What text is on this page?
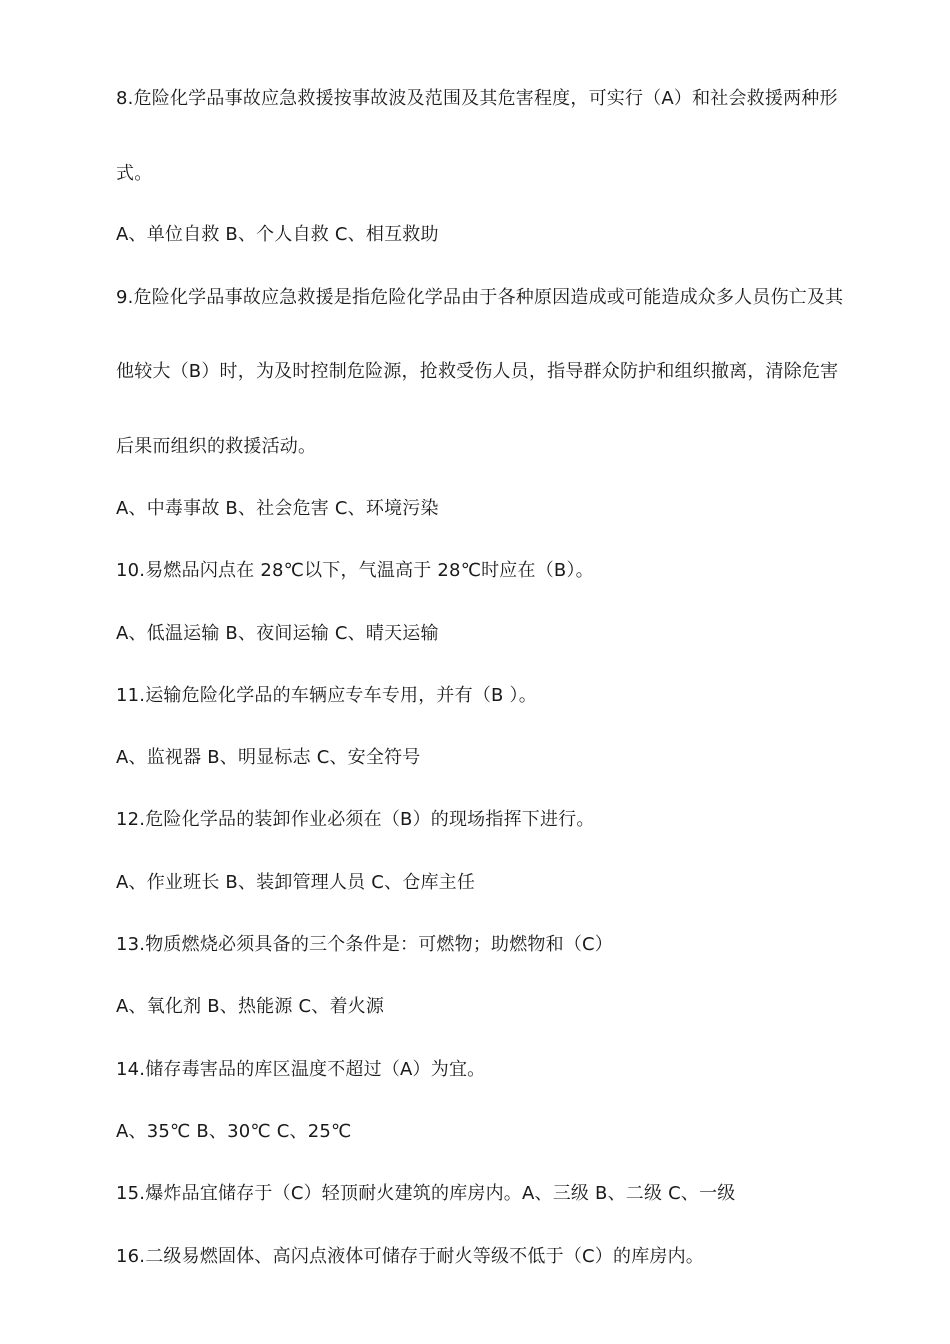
8.危险化学品事故应急救援按事故波及范围及其危害程度，可实行（A）和社会救援两种形
式。
A、单位自救 B、个人自救 C、相互救助
9.危险化学品事故应急救援是指危险化学品由于各种原因造成或可能造成众多人员伤亡及其
他较大（B）时，为及时控制危险源，抢救受伤人员，指导群众防护和组织撤离，清除危害
后果而组织的救援活动。
A、中毒事故 B、社会危害 C、环境污染
10.易燃品闪点在 28℃以下，气温高于 28℃时应在（B）。
A、低温运输 B、夜间运输 C、晴天运输
11.运输危险化学品的车辆应专车专用，并有（B ）。
A、监视器 B、明显标志 C、安全符号
12.危险化学品的装卸作业必须在（B）的现场指挥下进行。
A、作业班长 B、装卸管理人员 C、仓库主任
13.物质燃烧必须具备的三个条件是：可燃物；助燃物和（C）
A、氧化剂 B、热能源 C、着火源
14.储存毒害品的库区温度不超过（A）为宜。
A、35℃ B、30℃ C、25℃
15.爆炸品宜储存于（C）轻顶耐火建筑的库房内。A、三级 B、二级 C、一级
16.二级易燃固体、高闪点液体可储存于耐火等级不低于（C）的库房内。
